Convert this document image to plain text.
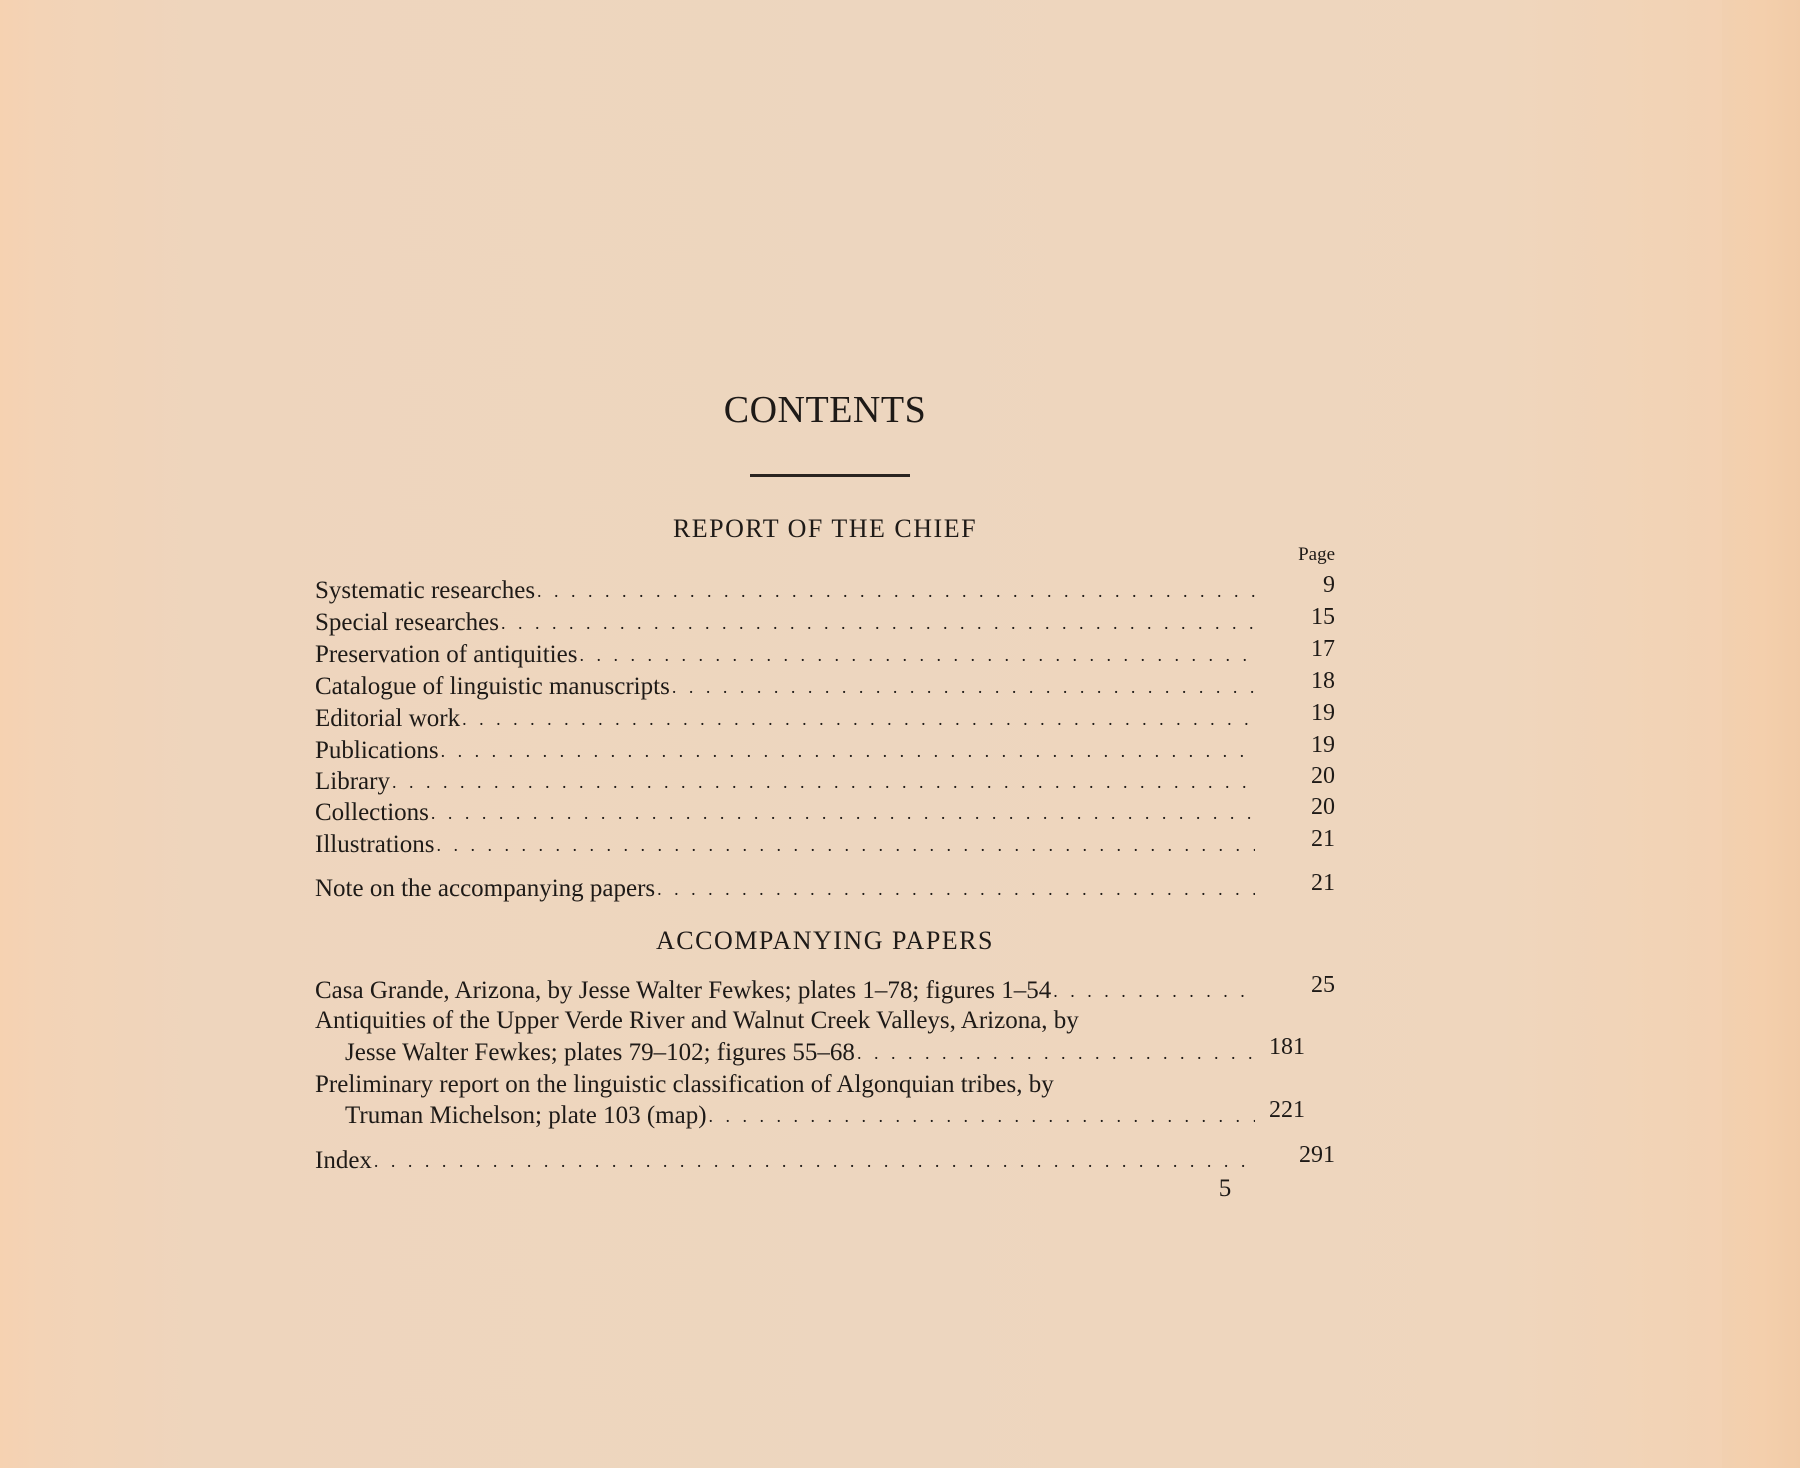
CONTENTS
REPORT OF THE CHIEF
Page
Systematic researches . . .	9
Special researches . . .	15
Preservation of antiquities . . .	17
Catalogue of linguistic manuscripts . . .	18
Editorial work . . .	19
Publications . . .	19
Library . . .	20
Collections . . .	20
Illustrations . . .	21
Note on the accompanying papers . . .	21
ACCOMPANYING PAPERS
Casa Grande, Arizona, by Jesse Walter Fewkes; plates 1–78; figures 1–54 . . .	25
Antiquities of the Upper Verde River and Walnut Creek Valleys, Arizona, by
Jesse Walter Fewkes; plates 79–102; figures 55–68 . . .	181
Preliminary report on the linguistic classification of Algonquian tribes, by
Truman Michelson; plate 103 (map) . . .	221
Index . . .	291
5
